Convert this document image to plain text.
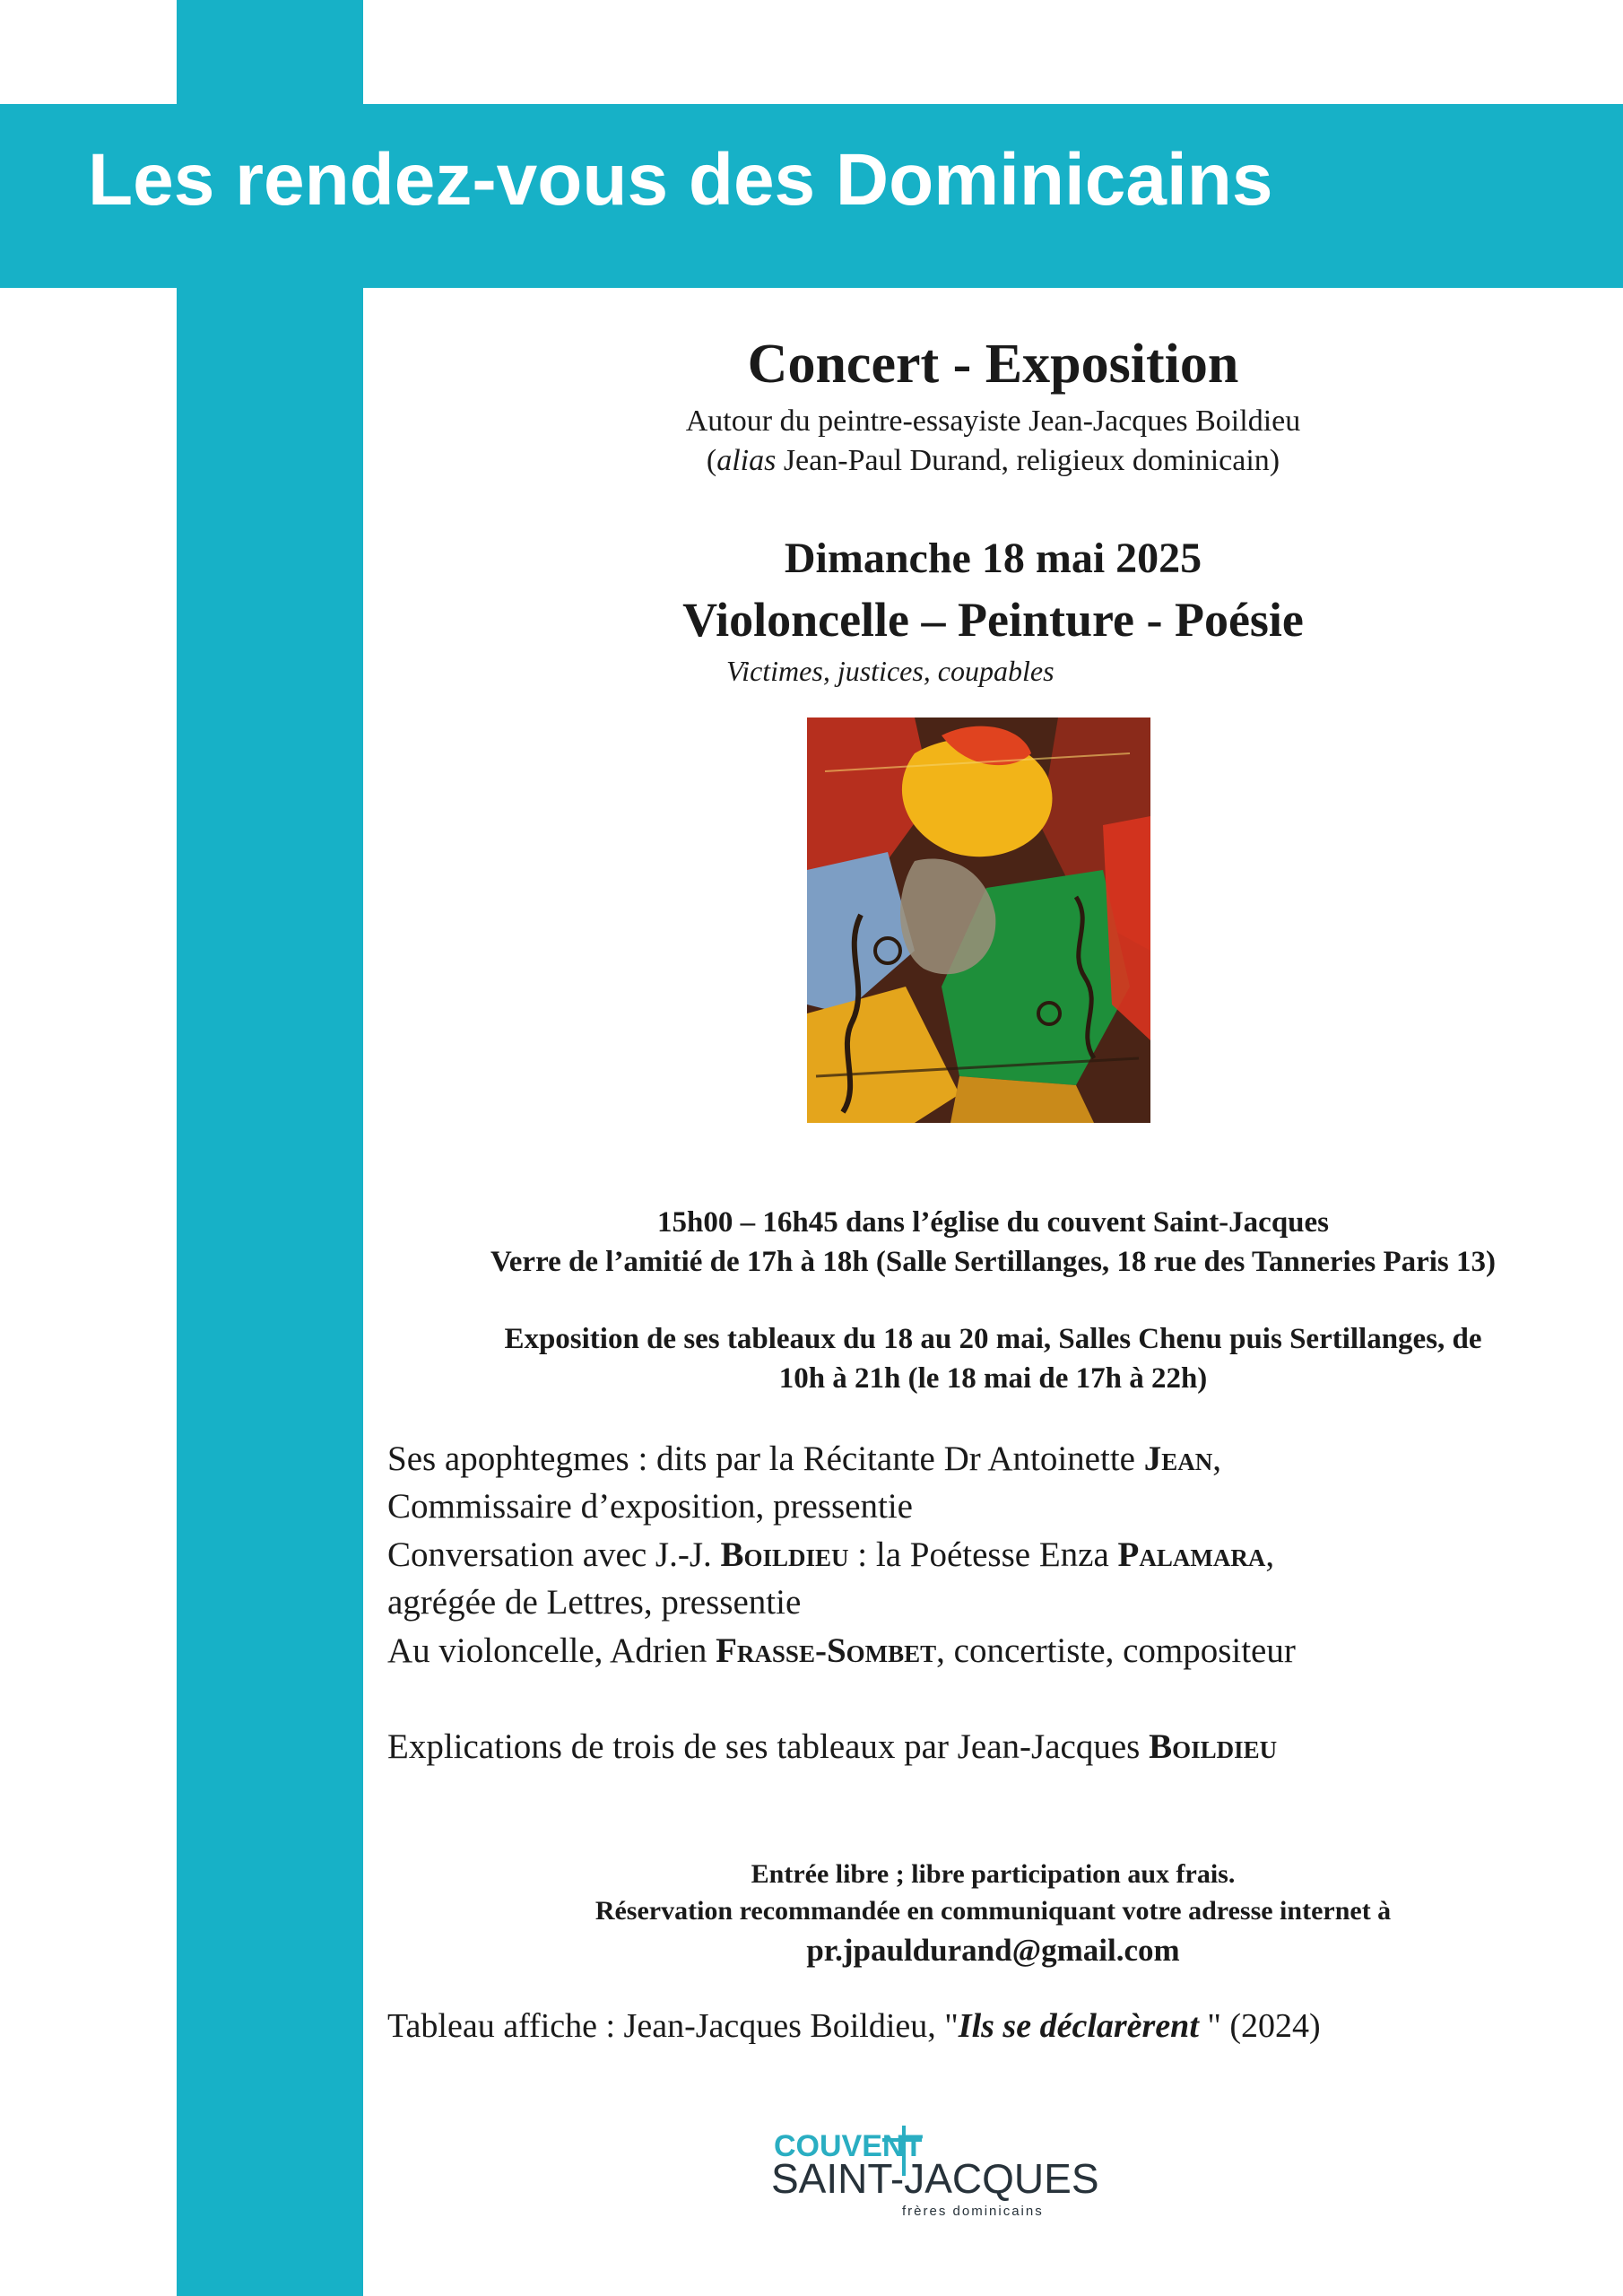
Les rendez-vous des Dominicains
Concert - Exposition
Autour du peintre-essayiste Jean-Jacques Boildieu
(alias Jean-Paul Durand, religieux dominicain)
Dimanche 18 mai 2025
Violoncelle – Peinture - Poésie
Victimes, justices, coupables
15h00 – 16h45 dans l’église du couvent Saint-Jacques
Verre de l’amitié de 17h à 18h (Salle Sertillanges, 18 rue des Tanneries Paris 13)
Exposition de ses tableaux du 18 au 20 mai, Salles Chenu puis Sertillanges, de
10h à 21h (le 18 mai de 17h à 22h)
Ses apophtegmes : dits par la Récitante Dr Antoinette Jean,
Commissaire d’exposition, pressentie
Conversation avec J.-J. Boildieu : la Poétesse Enza Palamara,
agrégée de Lettres, pressentie
Au violoncelle, Adrien Frasse-Sombet, concertiste, compositeur

Explications de trois de ses tableaux par Jean-Jacques Boildieu

Entrée libre ; libre participation aux frais.
Réservation recommandée en communiquant votre adresse internet à
pr.jpauldurand@gmail.com

Tableau affiche : Jean-Jacques Boildieu, "Ils se déclarèrent " (2024)

COUVENT
SAINT-JACQUES
frères dominicains
